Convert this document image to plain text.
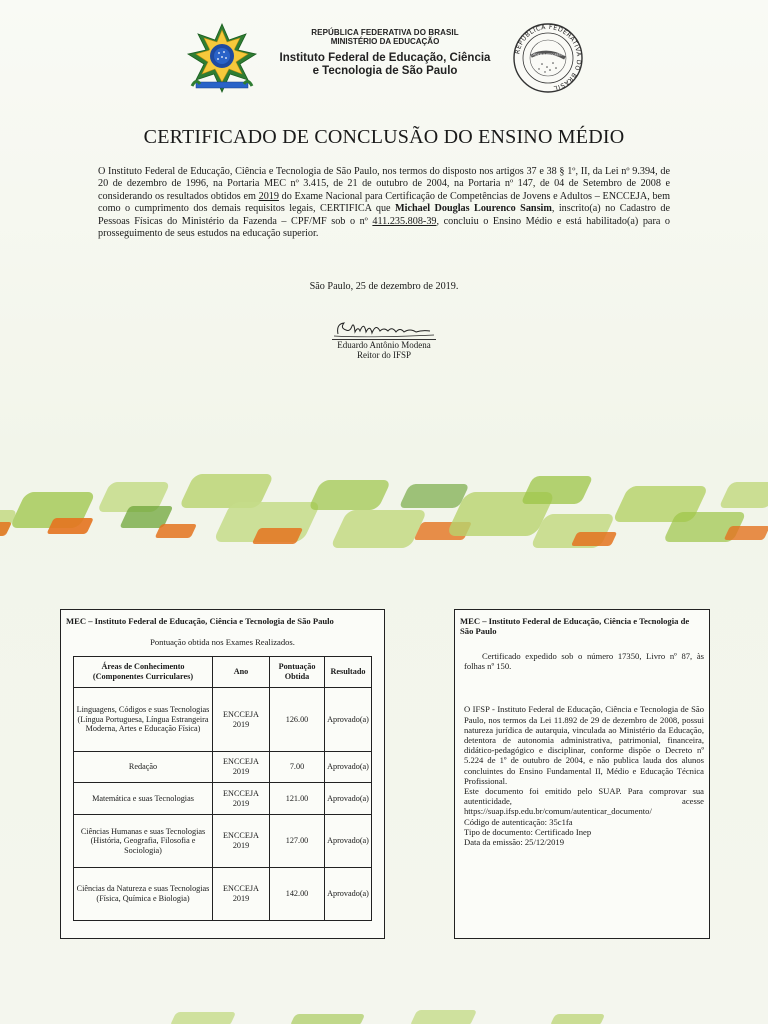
REPÚBLICA FEDERATIVA DO BRASIL
MINISTÉRIO DA EDUCAÇÃO
Instituto Federal de Educação, Ciência
e Tecnologia de São Paulo
REPÚBLICA FEDERATIVA DO BRASIL
ORDEM E PROGRESSO
CERTIFICADO DE CONCLUSÃO DO ENSINO MÉDIO
O Instituto Federal de Educação, Ciência e Tecnologia de São Paulo, nos termos do disposto nos artigos 37 e 38 § 1º, II, da Lei nº 9.394, de 20 de dezembro de 1996, na Portaria MEC nº 3.415, de 21 de outubro de 2004, na Portaria nº 147, de 04 de Setembro de 2008 e considerando os resultados obtidos em 2019 do Exame Nacional para Certificação de Competências de Jovens e Adultos – ENCCEJA, bem como o cumprimento dos demais requisitos legais, CERTIFICA que Michael Douglas Lourenco Sansim, inscrito(a) no Cadastro de Pessoas Físicas do Ministério da Fazenda – CPF/MF sob o nº 411.235.808-39, concluiu o Ensino Médio e está habilitado(a) para o prosseguimento de seus estudos na educação superior.
São Paulo, 25 de dezembro de 2019.
Eduardo Antônio Modena
Reitor do IFSP
MEC – Instituto Federal de Educação, Ciência e Tecnologia de São Paulo
Pontuação obtida nos Exames Realizados.
Áreas de Conhecimento (Componentes Curriculares)	Ano	Pontuação Obtida	Resultado
Linguagens, Códigos e suas Tecnologias (Língua Portuguesa, Língua Estrangeira Moderna, Artes e Educação Física)	ENCCEJA 2019	126.00	Aprovado(a)
Redação	ENCCEJA 2019	7.00	Aprovado(a)
Matemática e suas Tecnologias	ENCCEJA 2019	121.00	Aprovado(a)
Ciências Humanas e suas Tecnologias (História, Geografia, Filosofia e Sociologia)	ENCCEJA 2019	127.00	Aprovado(a)
Ciências da Natureza e suas Tecnologias (Física, Química e Biologia)	ENCCEJA 2019	142.00	Aprovado(a)
MEC – Instituto Federal de Educação, Ciência e Tecnologia de São Paulo
Certificado expedido sob o número 17350, Livro nº 87, às folhas nº 150.
O IFSP - Instituto Federal de Educação, Ciência e Tecnologia de São Paulo, nos termos da Lei 11.892 de 29 de dezembro de 2008, possui natureza jurídica de autarquia, vinculada ao Ministério da Educação, detentora de autonomia administrativa, patrimonial, financeira, didático-pedagógico e disciplinar, conforme dispõe o Decreto nº 5.224 de 1º de outubro de 2004, e não publica lauda dos alunos concluintes do Ensino Fundamental II, Médio e Educação Técnica Profissional.
Este documento foi emitido pelo SUAP. Para comprovar sua autenticidade, acesse https://suap.ifsp.edu.br/comum/autenticar_documento/
Código de autenticação: 35c1fa
Tipo de documento: Certificado Inep
Data da emissão: 25/12/2019
